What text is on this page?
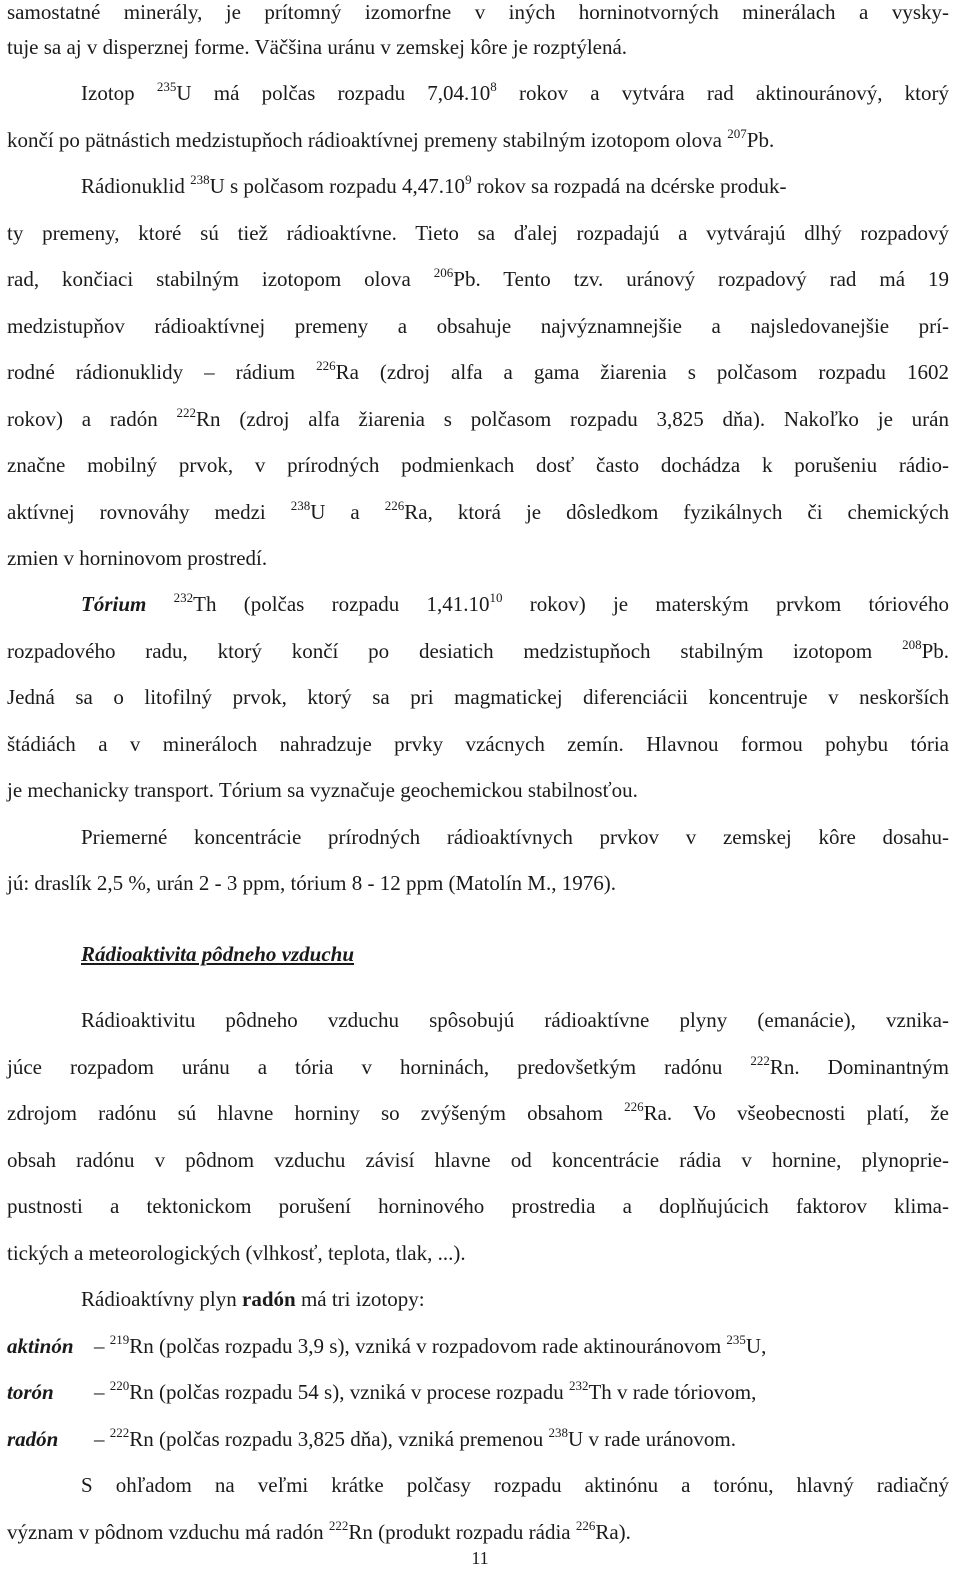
samostatné minerály, je prítomný izomorfne v iných horninotvorných minerálach a vysky-
tuje sa aj v disperznej forme. Väčšina uránu v zemskej kôre je rozptýlená.
Izotop $^{235}$U má polčas rozpadu 7,04.10$^8$ rokov a vytvára rad aktinouránový, ktorý
končí po pätnástich medzistupňoch rádioaktívnej premeny stabilným izotopom olova $^{207}$Pb.
Rádionuklid $^{238}$U s polčasom rozpadu 4,47.10$^9$ rokov sa rozpadá na dcérske produk-
ty premeny, ktoré sú tiež rádioaktívne. Tieto sa ďalej rozpadajú a vytvárajú dlhý rozpadový
rad, končiaci stabilným izotopom olova $^{206}$Pb. Tento tzv. uránový rozpadový rad má 19
medzistupňov rádioaktívnej premeny a obsahuje najvýznamnejšie a najsledovanejšie prí-
rodné rádionuklidy – rádium $^{226}$Ra (zdroj alfa a gama žiarenia s polčasom rozpadu 1602
rokov) a radón $^{222}$Rn (zdroj alfa žiarenia s polčasom rozpadu 3,825 dňa). Nakoľko je urán
značne mobilný prvok, v prírodných podmienkach dosť často dochádza k porušeniu rádio-
aktívnej rovnováhy medzi $^{238}$U a $^{226}$Ra, ktorá je dôsledkom fyzikálnych či chemických
zmien v horninovom prostredí.
Tórium $^{232}$Th (polčas rozpadu 1,41.10$^{10}$ rokov) je materským prvkom tóriového
rozpadového radu, ktorý končí po desiatich medzistupňoch stabilným izotopom $^{208}$Pb.
Jedná sa o litofilný prvok, ktorý sa pri magmatickej diferenciácii koncentruje v neskorších
štádiách a v mineráloch nahradzuje prvky vzácnych zemín. Hlavnou formou pohybu tória
je mechanicky transport. Tórium sa vyznačuje geochemickou stabilnosťou.
Priemerné koncentrácie prírodných rádioaktívnych prvkov v zemskej kôre dosahu-
jú: draslík 2,5 %, urán 2 - 3 ppm, tórium 8 - 12 ppm (Matolín M., 1976).
Rádioaktivita pôdneho vzduchu
Rádioaktivitu pôdneho vzduchu spôsobujú rádioaktívne plyny (emanácie), vznika-
júce rozpadom uránu a tória v horninách, predovšetkým radónu $^{222}$Rn. Dominantným
zdrojom radónu sú hlavne horniny so zvýšeným obsahom $^{226}$Ra. Vo všeobecnosti platí, že
obsah radónu v pôdnom vzduchu závisí hlavne od koncentrácie rádia v hornine, plynoprie-
pustnosti a tektonickom porušení horninového prostredia a doplňujúcich faktorov klima-
tických a meteorologických (vlhkosť, teplota, tlak, ...).
Rádioaktívny plyn radón má tri izotopy:
aktinón – $^{219}$Rn (polčas rozpadu 3,9 s), vzniká v rozpadovom rade aktinouránovom $^{235}$U,
torón – $^{220}$Rn (polčas rozpadu 54 s), vzniká v procese rozpadu $^{232}$Th v rade tóriovom,
radón – $^{222}$Rn (polčas rozpadu 3,825 dňa), vzniká premenou $^{238}$U v rade uránovom.
S ohľadom na veľmi krátke polčasy rozpadu aktinónu a torónu, hlavný radiačný
význam v pôdnom vzduchu má radón $^{222}$Rn (produkt rozpadu rádia $^{226}$Ra).
11
